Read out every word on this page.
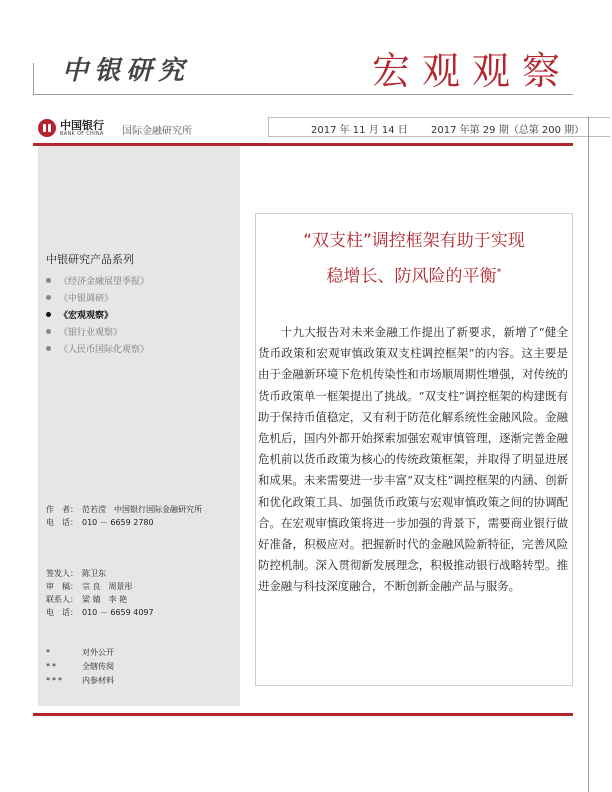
中银研究	宏观观察
中国银行
BANK OF CHINA 国际金融研究所	2017 年 11 月 14 日 2017 年第 29 期（总第 200 期）
中银研究产品系列
《经济金融展望季报》
《中银调研》
《宏观观察》
《银行业观察》
《人民币国际化观察》
作　者： 范若滢　中国银行国际金融研究所
电　话： 010 － 6659 2780
签发人： 陈卫东
审　稿： 宗 良　周景彤
联系人： 梁 婧　李 艳
电　话： 010 － 6659 4097
*	对外公开
**	全辖传阅
*** 内参材料
“双支柱”调控框架有助于实现
稳增长、防风险的平衡*

十九大报告对未来金融工作提出了新要求，新增了“健全货币政策和宏观审慎政策双支柱调控框架”的内容。这主要是由于金融新环境下危机传染性和市场顺周期性增强，对传统的货币政策单一框架提出了挑战。“双支柱”调控框架的构建既有助于保持币值稳定，又有利于防范化解系统性金融风险。金融危机后，国内外都开始探索加强宏观审慎管理，逐渐完善金融危机前以货币政策为核心的传统政策框架，并取得了明显进展和成果。未来需要进一步丰富“双支柱”调控框架的内涵、创新和优化政策工具、加强货币政策与宏观审慎政策之间的协调配合。在宏观审慎政策将进一步加强的背景下，需要商业银行做好准备，积极应对。把握新时代的金融风险新特征，完善风险防控机制。深入贯彻新发展理念，积极推动银行战略转型。推进金融与科技深度融合，不断创新金融产品与服务。
